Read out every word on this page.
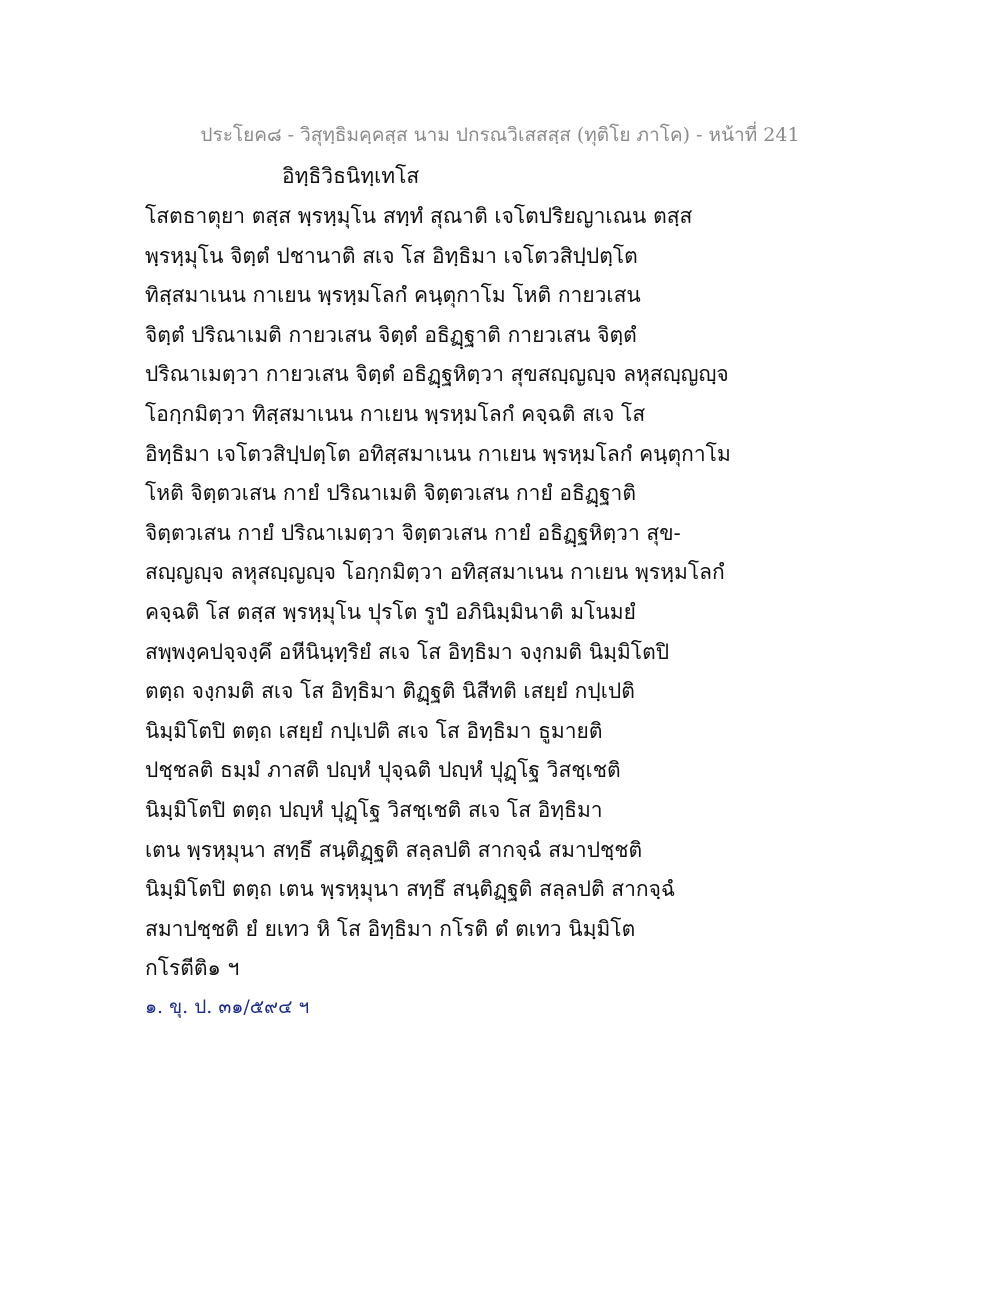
ประโยค๘ - วิสุทฺธิมคฺคสฺส นาม ปกรณวิเสสสฺส (ทุติโย ภาโค) - หน้าที่ 241
อิทฺธิวิธนิทฺเทโส
โสตธาตุยา ตสฺส พฺรหฺมุโน สทฺทํ สุณาติ เจโตปริยญาเณน ตสฺส
พฺรหฺมุโน จิตฺตํ ปชานาติ สเจ โส อิทฺธิมา เจโตวสิปฺปตฺโต
ทิสฺสมาเนน กาเยน พฺรหฺมโลกํ คนฺตุกาโม โหติ กายวเสน
จิตฺตํ ปริณาเมติ กายวเสน จิตฺตํ อธิฏฺฐาติ กายวเสน จิตฺตํ
ปริณาเมตฺวา กายวเสน จิตฺตํ อธิฏฺฐหิตฺวา สุขสญฺญญฺจ ลหุสญฺญญฺจ
โอกฺกมิตฺวา ทิสฺสมาเนน กาเยน พฺรหฺมโลกํ คจฺฉติ สเจ โส
อิทฺธิมา เจโตวสิปฺปตฺโต อทิสฺสมาเนน กาเยน พฺรหฺมโลกํ คนฺตุกาโม
โหติ จิตฺตวเสน กายํ ปริณาเมติ จิตฺตวเสน กายํ อธิฏฺฐาติ
จิตฺตวเสน กายํ ปริณาเมตฺวา จิตฺตวเสน กายํ อธิฏฺฐหิตฺวา สุข-
สญฺญญฺจ ลหุสญฺญญฺจ โอกฺกมิตฺวา อทิสฺสมาเนน กาเยน พฺรหฺมโลกํ
คจฺฉติ โส ตสฺส พฺรหฺมุโน ปุรโต รูปํ อภินิมฺมินาติ มโนมยํ
สพฺพงฺคปจฺจงฺคึ อหีนินฺทฺริยํ สเจ โส อิทฺธิมา จงฺกมติ นิมฺมิโตปิ
ตตฺถ จงฺกมติ สเจ โส อิทฺธิมา ติฏฺฐติ นิสีทติ เสยฺยํ กปฺเปติ
นิมฺมิโตปิ ตตฺถ เสยฺยํ กปฺเปติ สเจ โส อิทฺธิมา ธูมายติ
ปชฺชลติ ธมฺมํ ภาสติ ปญฺหํ ปุจฺฉติ ปญฺหํ ปุฏฺโฐ วิสชฺเชติ
นิมฺมิโตปิ ตตฺถ ปญฺหํ ปุฏฺโฐ วิสชฺเชติ สเจ โส อิทฺธิมา
เตน พฺรหฺมุนา สทฺธึ สนฺติฏฺฐติ สลฺลปติ สากจฺฉํ สมาปชฺชติ
นิมฺมิโตปิ ตตฺถ เตน พฺรหฺมุนา สทฺธึ สนฺติฏฺฐติ สลฺลปติ สากจฺฉํ
สมาปชฺชติ ยํ ยเทว หิ โส อิทฺธิมา กโรติ ตํ ตเทว นิมฺมิโต
กโรตีติ๑ ฯ
๑. ขุ. ป. ๓๑/๕๙๔ ฯ
